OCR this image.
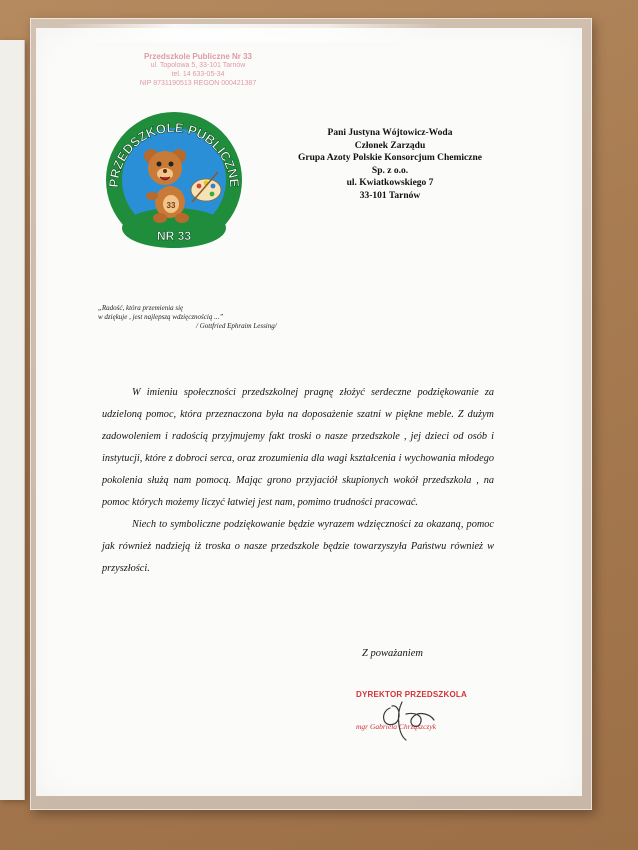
Przedszkole Publiczne Nr 33
ul. Topolowa 5, 33-101 Tarnów
tel. 14 633-05-34
NIP 8731190513 REGON 000421387
PRZEDSZKOLE PUBLICZNE
33
NR 33
Pani Justyna Wójtowicz-Woda
Członek Zarządu
Grupa Azoty Polskie Konsorcjum Chemiczne
Sp. z o.o.
ul. Kwiatkowskiego 7
33-101 Tarnów
„Radość, która przemienia się
w dziękuje , jest najlepszą wdzięcznością ...”
/ Gottfried Ephraim Lessing/

W imieniu społeczności przedszkolnej pragnę złożyć serdeczne podziękowanie za udzieloną pomoc, która przeznaczona była na doposażenie szatni w piękne meble. Z dużym zadowoleniem i radością przyjmujemy fakt troski o nasze przedszkole , jej dzieci od osób i instytucji, które z dobroci serca, oraz zrozumienia dla wagi kształcenia i wychowania młodego pokolenia służą nam pomocą. Mając grono przyjaciół skupionych wokół przedszkola , na pomoc których możemy liczyć łatwiej jest nam, pomimo trudności pracować.

Niech to symboliczne podziękowanie będzie wyrazem wdzięczności za okazaną, pomoc jak również nadzieją iż troska o nasze przedszkole będzie towarzyszyła Państwu również w przyszłości.

Z poważaniem
DYREKTOR PRZEDSZKOLA
mgr Gabriela Chrząszczyk
